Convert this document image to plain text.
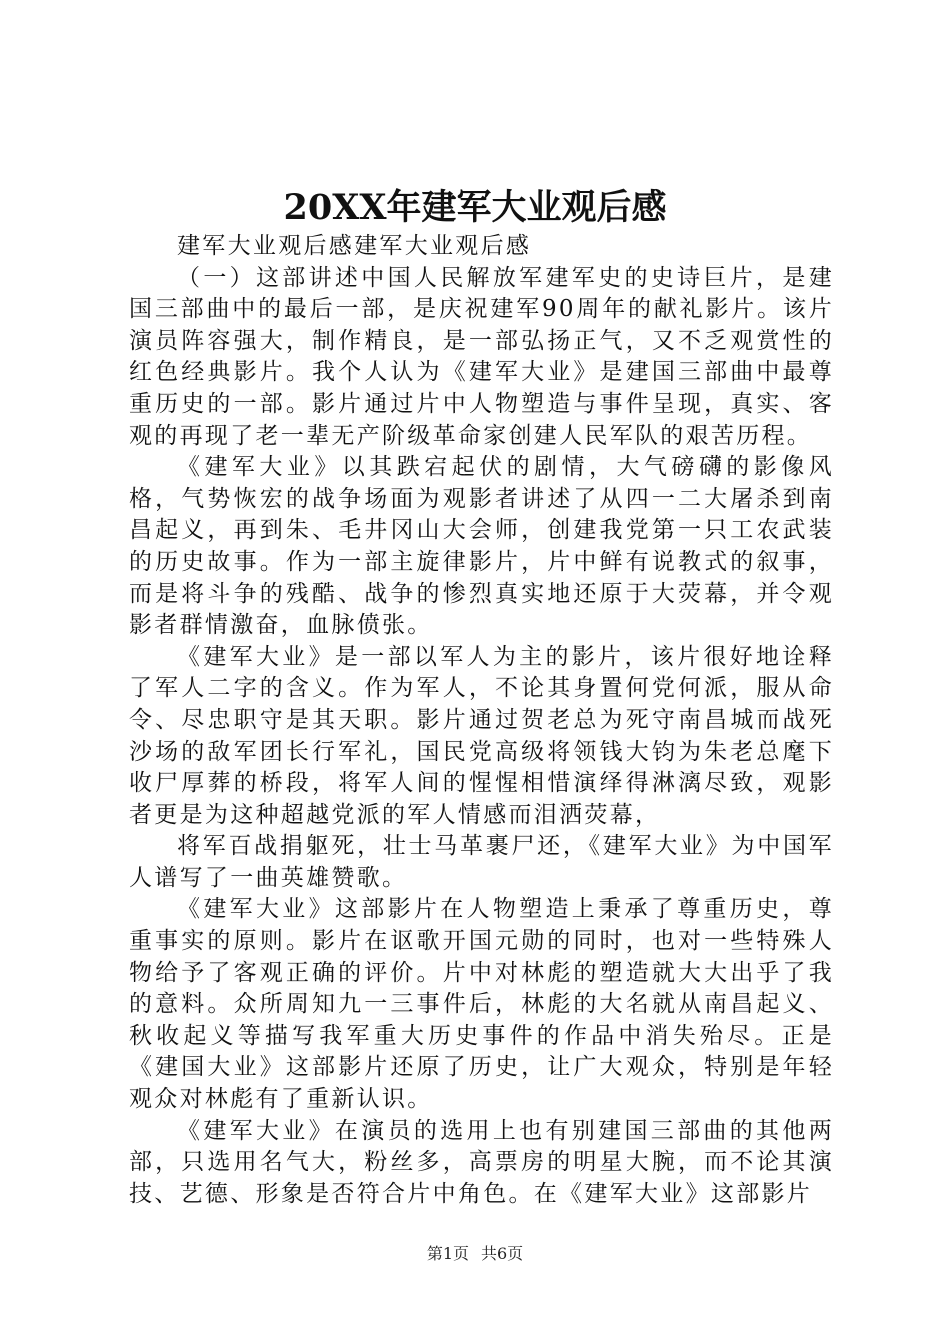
20XX年建军大业观后感

建军大业观后感建军大业观后感

（一）这部讲述中国人民解放军建军史的史诗巨片，是建国三部曲中的最后一部，是庆祝建军90周年的献礼影片。该片演员阵容强大，制作精良，是一部弘扬正气，又不乏观赏性的红色经典影片。我个人认为《建军大业》是建国三部曲中最尊重历史的一部。影片通过片中人物塑造与事件呈现，真实、客观的再现了老一辈无产阶级革命家创建人民军队的艰苦历程。

《建军大业》以其跌宕起伏的剧情，大气磅礴的影像风格，气势恢宏的战争场面为观影者讲述了从四一二大屠杀到南昌起义，再到朱、毛井冈山大会师，创建我党第一只工农武装的历史故事。作为一部主旋律影片，片中鲜有说教式的叙事，而是将斗争的残酷、战争的惨烈真实地还原于大荧幕，并令观影者群情激奋，血脉偾张。

《建军大业》是一部以军人为主的影片，该片很好地诠释了军人二字的含义。作为军人，不论其身置何党何派，服从命令、尽忠职守是其天职。影片通过贺老总为死守南昌城而战死沙场的敌军团长行军礼，国民党高级将领钱大钧为朱老总麾下收尸厚葬的桥段，将军人间的惺惺相惜演绎得淋漓尽致，观影者更是为这种超越党派的军人情感而泪洒荧幕，

将军百战捐躯死，壮士马革裹尸还，《建军大业》为中国军人谱写了一曲英雄赞歌。

《建军大业》这部影片在人物塑造上秉承了尊重历史，尊重事实的原则。影片在讴歌开国元勋的同时，也对一些特殊人物给予了客观正确的评价。片中对林彪的塑造就大大出乎了我的意料。众所周知九一三事件后，林彪的大名就从南昌起义、秋收起义等描写我军重大历史事件的作品中消失殆尽。正是《建国大业》这部影片还原了历史，让广大观众，特别是年轻观众对林彪有了重新认识。

《建军大业》在演员的选用上也有别建国三部曲的其他两部，只选用名气大，粉丝多，高票房的明星大腕，而不论其演技、艺德、形象是否符合片中角色。在《建军大业》这部影片

第1页 共6页
